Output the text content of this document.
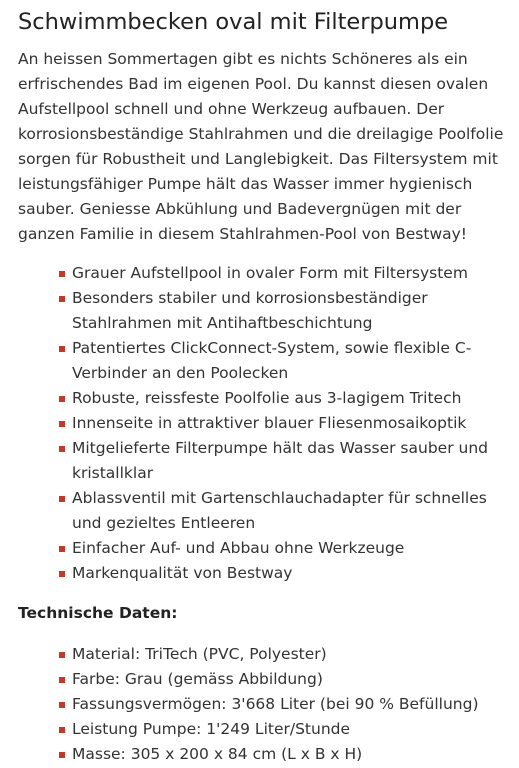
Schwimmbecken oval mit Filterpumpe

An heissen Sommertagen gibt es nichts Schöneres als ein
erfrischendes Bad im eigenen Pool. Du kannst diesen ovalen
Aufstellpool schnell und ohne Werkzeug aufbauen. Der
korrosionsbeständige Stahlrahmen und die dreilagige Poolfolie
sorgen für Robustheit und Langlebigkeit. Das Filtersystem mit
leistungsfähiger Pumpe hält das Wasser immer hygienisch
sauber. Geniesse Abkühlung und Badevergnügen mit der
ganzen Familie in diesem Stahlrahmen-Pool von Bestway!

Grauer Aufstellpool in ovaler Form mit Filtersystem
Besonders stabiler und korrosionsbeständiger
Stahlrahmen mit Antihaftbeschichtung
Patentiertes ClickConnect-System, sowie flexible C-
Verbinder an den Poolecken
Robuste, reissfeste Poolfolie aus 3-lagigem Tritech
Innenseite in attraktiver blauer Fliesenmosaikoptik
Mitgelieferte Filterpumpe hält das Wasser sauber und
kristallklar
Ablassventil mit Gartenschlauchadapter für schnelles
und gezieltes Entleeren
Einfacher Auf- und Abbau ohne Werkzeuge
Markenqualität von Bestway
Technische Daten:
Material: TriTech (PVC, Polyester)
Farbe: Grau (gemäss Abbildung)
Fassungsvermögen: 3'668 Liter (bei 90 % Befüllung)
Leistung Pumpe: 1'249 Liter/Stunde
Masse: 305 x 200 x 84 cm (L x B x H)
